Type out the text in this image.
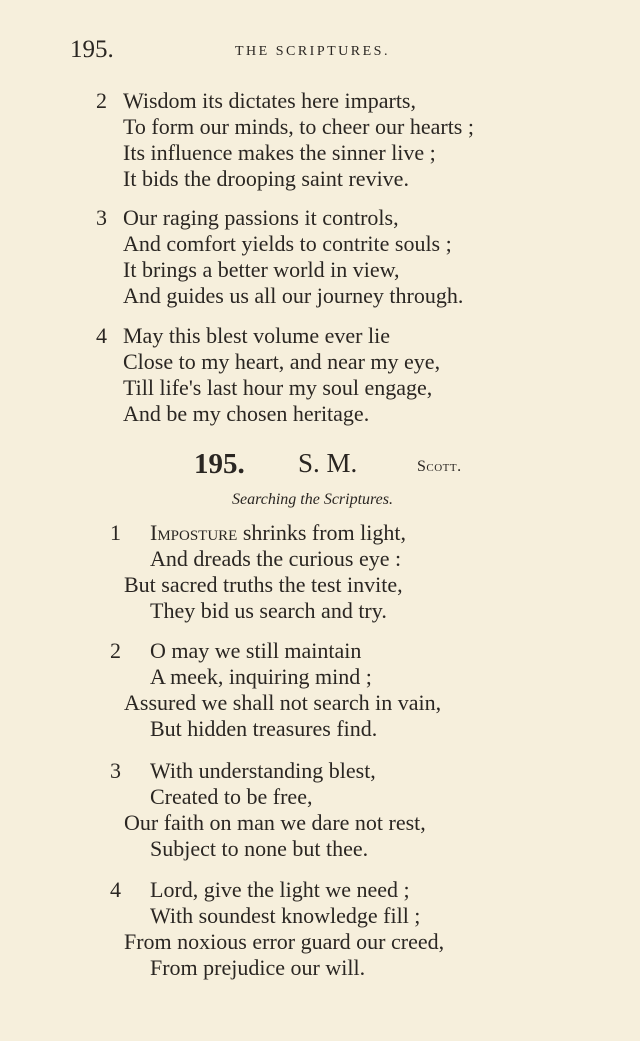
195.	THE SCRIPTURES.
2 Wisdom its dictates here imparts,
To form our minds, to cheer our hearts ;
Its influence makes the sinner live ;
It bids the drooping saint revive.
3 Our raging passions it controls,
And comfort yields to contrite souls ;
It brings a better world in view,
And guides us all our journey through.
4 May this blest volume ever lie
Close to my heart, and near my eye,
Till life's last hour my soul engage,
And be my chosen heritage.
195. S. M.	Scott.
Searching the Scriptures.
1 Imposture shrinks from light,
And dreads the curious eye :
But sacred truths the test invite,
They bid us search and try.
2 O may we still maintain
A meek, inquiring mind ;
Assured we shall not search in vain,
But hidden treasures find.
3 With understanding blest,
Created to be free,
Our faith on man we dare not rest,
Subject to none but thee.
4 Lord, give the light we need ;
With soundest knowledge fill ;
From noxious error guard our creed,
From prejudice our will.
